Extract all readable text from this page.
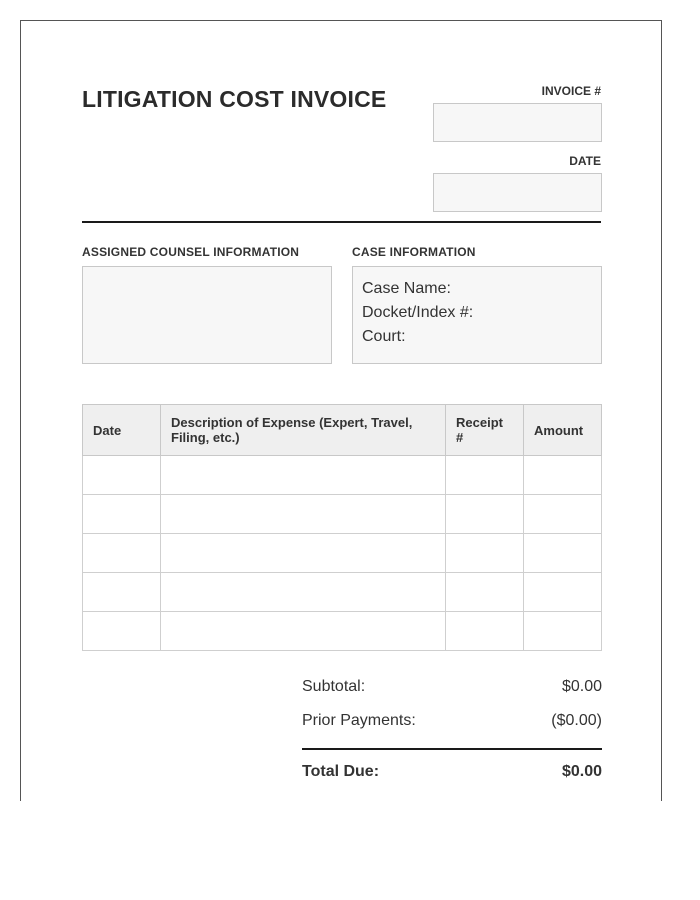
LITIGATION COST INVOICE	INVOICE #
DATE
ASSIGNED COUNSEL INFORMATION	CASE INFORMATION
Case Name:
Docket/Index #:
Court:
Date	Description of Expense (Expert, Travel, Filing, etc.)	Receipt #	Amount

Subtotal:	$0.00
Prior Payments:	($0.00)
Total Due:	$0.00
